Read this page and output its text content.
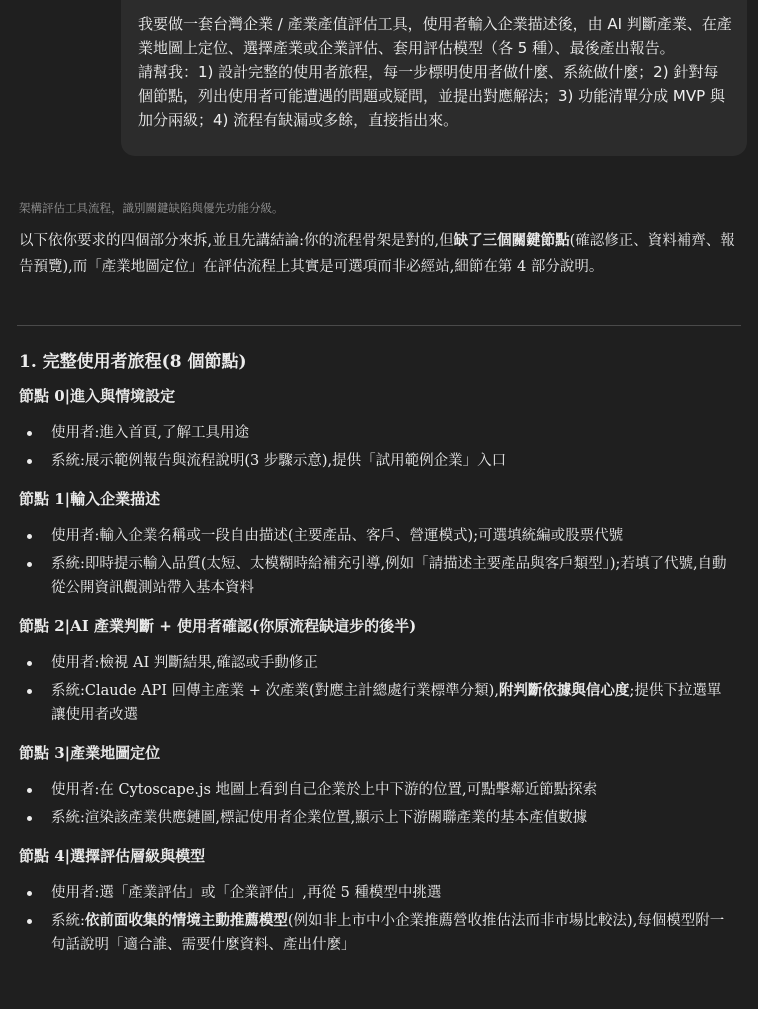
我要做一套台灣企業 / 產業產值評估工具，使用者輸入企業描述後，由 AI 判斷產業、在產業地圖上定位、選擇產業或企業評估、套用評估模型（各 5 種）、最後產出報告。

請幫我：1) 設計完整的使用者旅程，每一步標明使用者做什麼、系統做什麼；2) 針對每個節點，列出使用者可能遭遇的問題或疑問，並提出對應解法；3) 功能清單分成 MVP 與加分兩級；4) 流程有缺漏或多餘，直接指出來。

架構評估工具流程，識別關鍵缺陷與優先功能分級。

以下依你要求的四個部分來拆,並且先講結論:你的流程骨架是對的,但缺了三個關鍵節點(確認修正、資料補齊、報告預覽),而「產業地圖定位」在評估流程上其實是可選項而非必經站,細節在第 4 部分說明。

1. 完整使用者旅程(8 個節點)
節點 0|進入與情境設定
使用者:進入首頁,了解工具用途
系統:展示範例報告與流程說明(3 步驟示意),提供「試用範例企業」入口
節點 1|輸入企業描述
使用者:輸入企業名稱或一段自由描述(主要產品、客戶、營運模式);可選填統編或股票代號
系統:即時提示輸入品質(太短、太模糊時給補充引導,例如「請描述主要產品與客戶類型」);若填了代號,自動從公開資訊觀測站帶入基本資料
節點 2|AI 產業判斷 + 使用者確認(你原流程缺這步的後半)
使用者:檢視 AI 判斷結果,確認或手動修正
系統:Claude API 回傳主產業 + 次產業(對應主計總處行業標準分類),附判斷依據與信心度;提供下拉選單讓使用者改選
節點 3|產業地圖定位
使用者:在 Cytoscape.js 地圖上看到自己企業於上中下游的位置,可點擊鄰近節點探索
系統:渲染該產業供應鏈圖,標記使用者企業位置,顯示上下游關聯產業的基本產值數據
節點 4|選擇評估層級與模型
使用者:選「產業評估」或「企業評估」,再從 5 種模型中挑選
系統:依前面收集的情境主動推薦模型(例如非上市中小企業推薦營收推估法而非市場比較法),每個模型附一句話說明「適合誰、需要什麼資料、產出什麼」
